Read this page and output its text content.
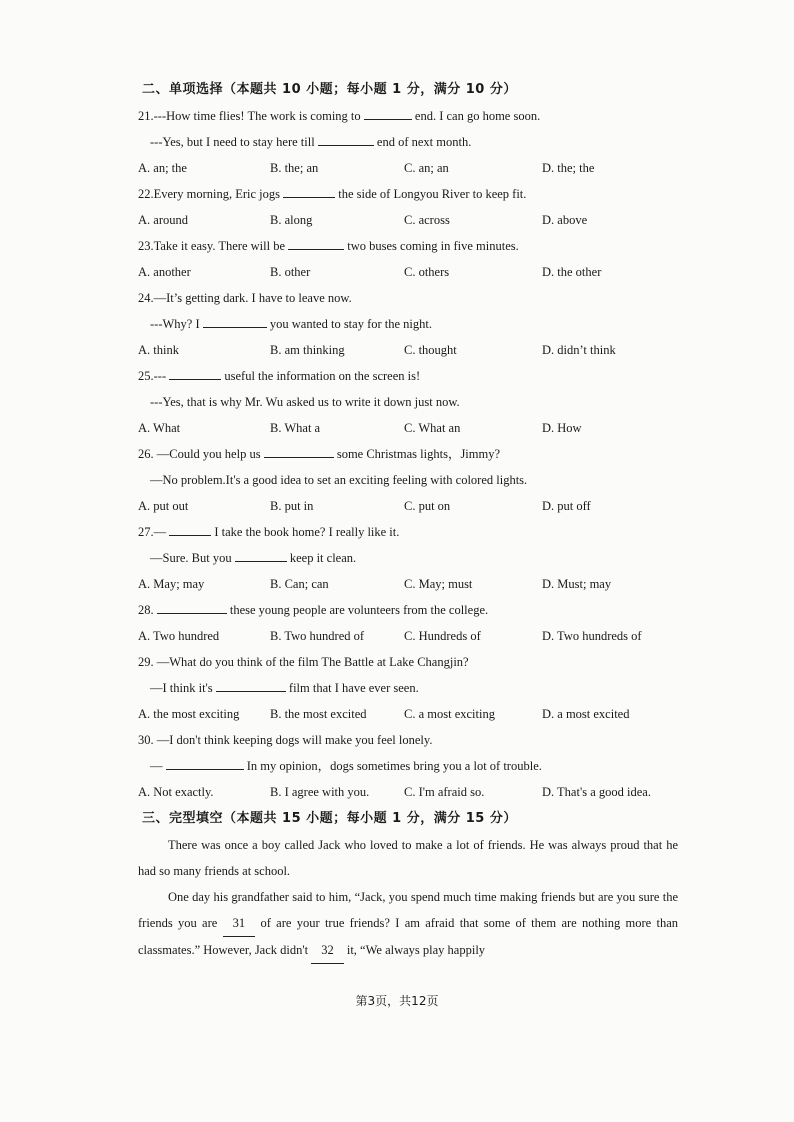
二、单项选择（本题共 10 小题；每小题 1 分，满分 10 分）
21.---How time flies! The work is coming to	end. I can go home soon.
---Yes, but I need to stay here till	end of next month.
A. an; the	B. the; an	C. an; an	D. the; the
22.Every morning, Eric jogs	the side of Longyou River to keep fit.
A. around	B. along	C. across	D. above
23.Take it easy. There will be	two buses coming in five minutes.
A. another	B. other	C. others	D. the other
24.—It’s getting dark. I have to leave now.
---Why? I	you wanted to stay for the night.
A. think	B. am thinking	C. thought	D. didn’t think
25.---	useful the information on the screen is!
---Yes, that is why Mr. Wu asked us to write it down just now.
A. What	B. What a	C. What an	D. How
26. —Could you help us	some Christmas lights，Jimmy?
—No problem.It's a good idea to set an exciting feeling with colored lights.
A. put out	B. put in	C. put on	D. put off
27.—	I take the book home? I really like it.
—Sure. But you	keep it clean.
A. May; may	B. Can; can	C. May; must	D. Must; may
28.	these young people are volunteers from the college.
A. Two hundred	B. Two hundred of	C. Hundreds of	D. Two hundreds of
29. —What do you think of the film The Battle at Lake Changjin?
—I think it's	film that I have ever seen.
A. the most exciting	B. the most excited	C. a most exciting	D. a most excited
30. —I don't think keeping dogs will make you feel lonely.
—	In my opinion，dogs sometimes bring you a lot of trouble.
A. Not exactly.	B. I agree with you.	C. I'm afraid so.	D. That's a good idea.
三、完型填空（本题共 15 小题；每小题 1 分，满分 15 分）

There was once a boy called Jack who loved to make a lot of friends. He was always proud that he had so many friends at school.

One day his grandfather said to him, “Jack, you spend much time making friends but are you sure the friends you are 31 of are your true friends? I am afraid that some of them are nothing more than classmates.” However, Jack didn't 32 it, “We always play happily

第3页，共12页
